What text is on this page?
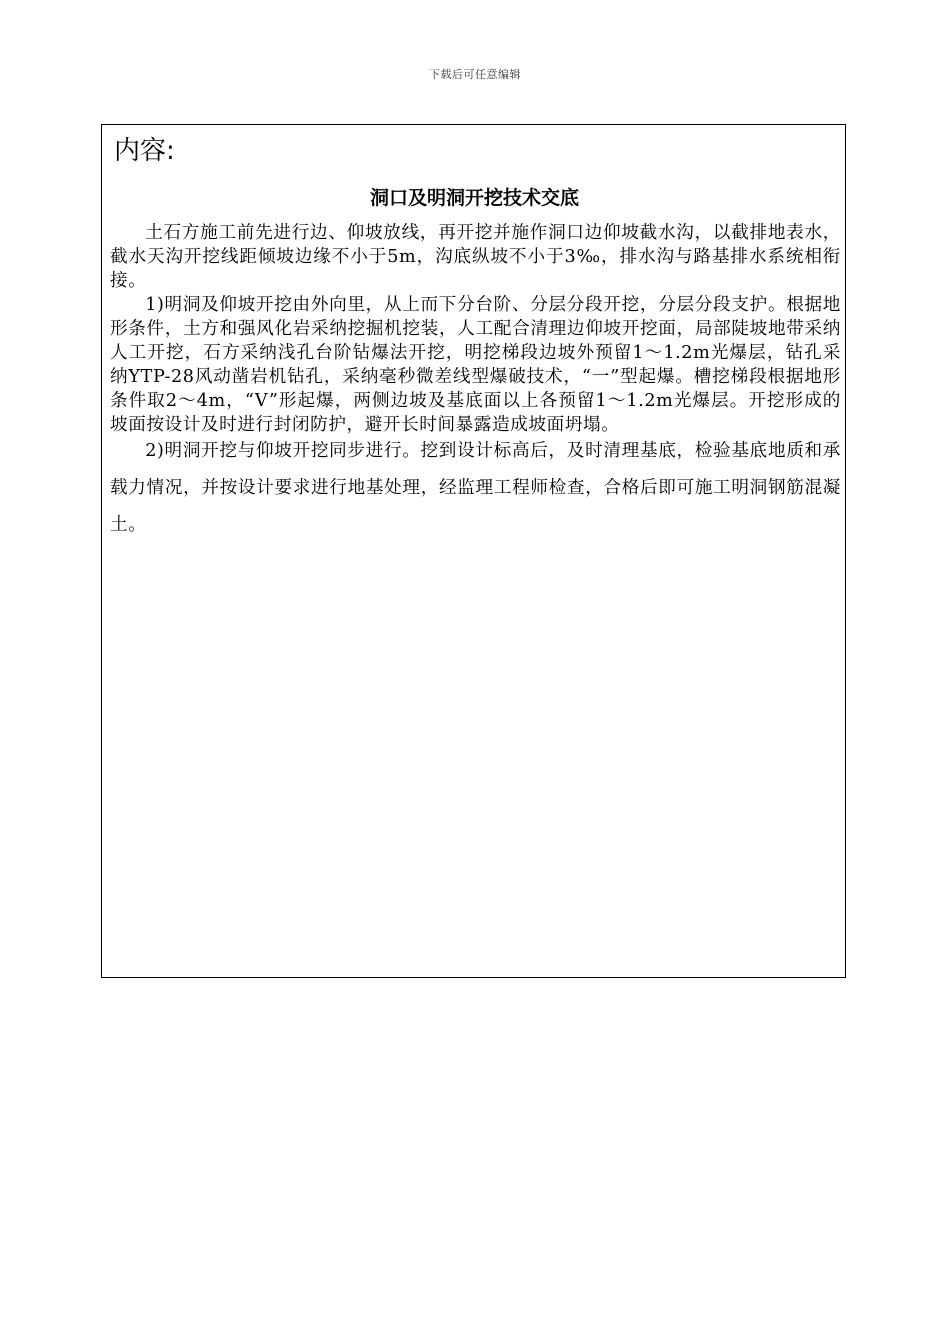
下载后可任意编辑
内容:
洞口及明洞开挖技术交底

土石方施工前先进行边、仰坡放线，再开挖并施作洞口边仰坡截水沟，以截排地表水，截水天沟开挖线距倾坡边缘不小于5m，沟底纵坡不小于3‰，排水沟与路基排水系统相衔接。

1)明洞及仰坡开挖由外向里，从上而下分台阶、分层分段开挖，分层分段支护。根据地形条件，土方和强风化岩采纳挖掘机挖装，人工配合清理边仰坡开挖面，局部陡坡地带采纳人工开挖，石方采纳浅孔台阶钻爆法开挖，明挖梯段边坡外预留1～1.2m光爆层，钻孔采纳YTP-28风动凿岩机钻孔，采纳毫秒微差线型爆破技术，“一”型起爆。槽挖梯段根据地形条件取2～4m，“V”形起爆，两侧边坡及基底面以上各预留1～1.2m光爆层。开挖形成的坡面按设计及时进行封闭防护，避开长时间暴露造成坡面坍塌。

2)明洞开挖与仰坡开挖同步进行。挖到设计标高后，及时清理基底，检验基底地质和承载力情况，并按设计要求进行地基处理，经监理工程师检查，合格后即可施工明洞钢筋混凝土。
